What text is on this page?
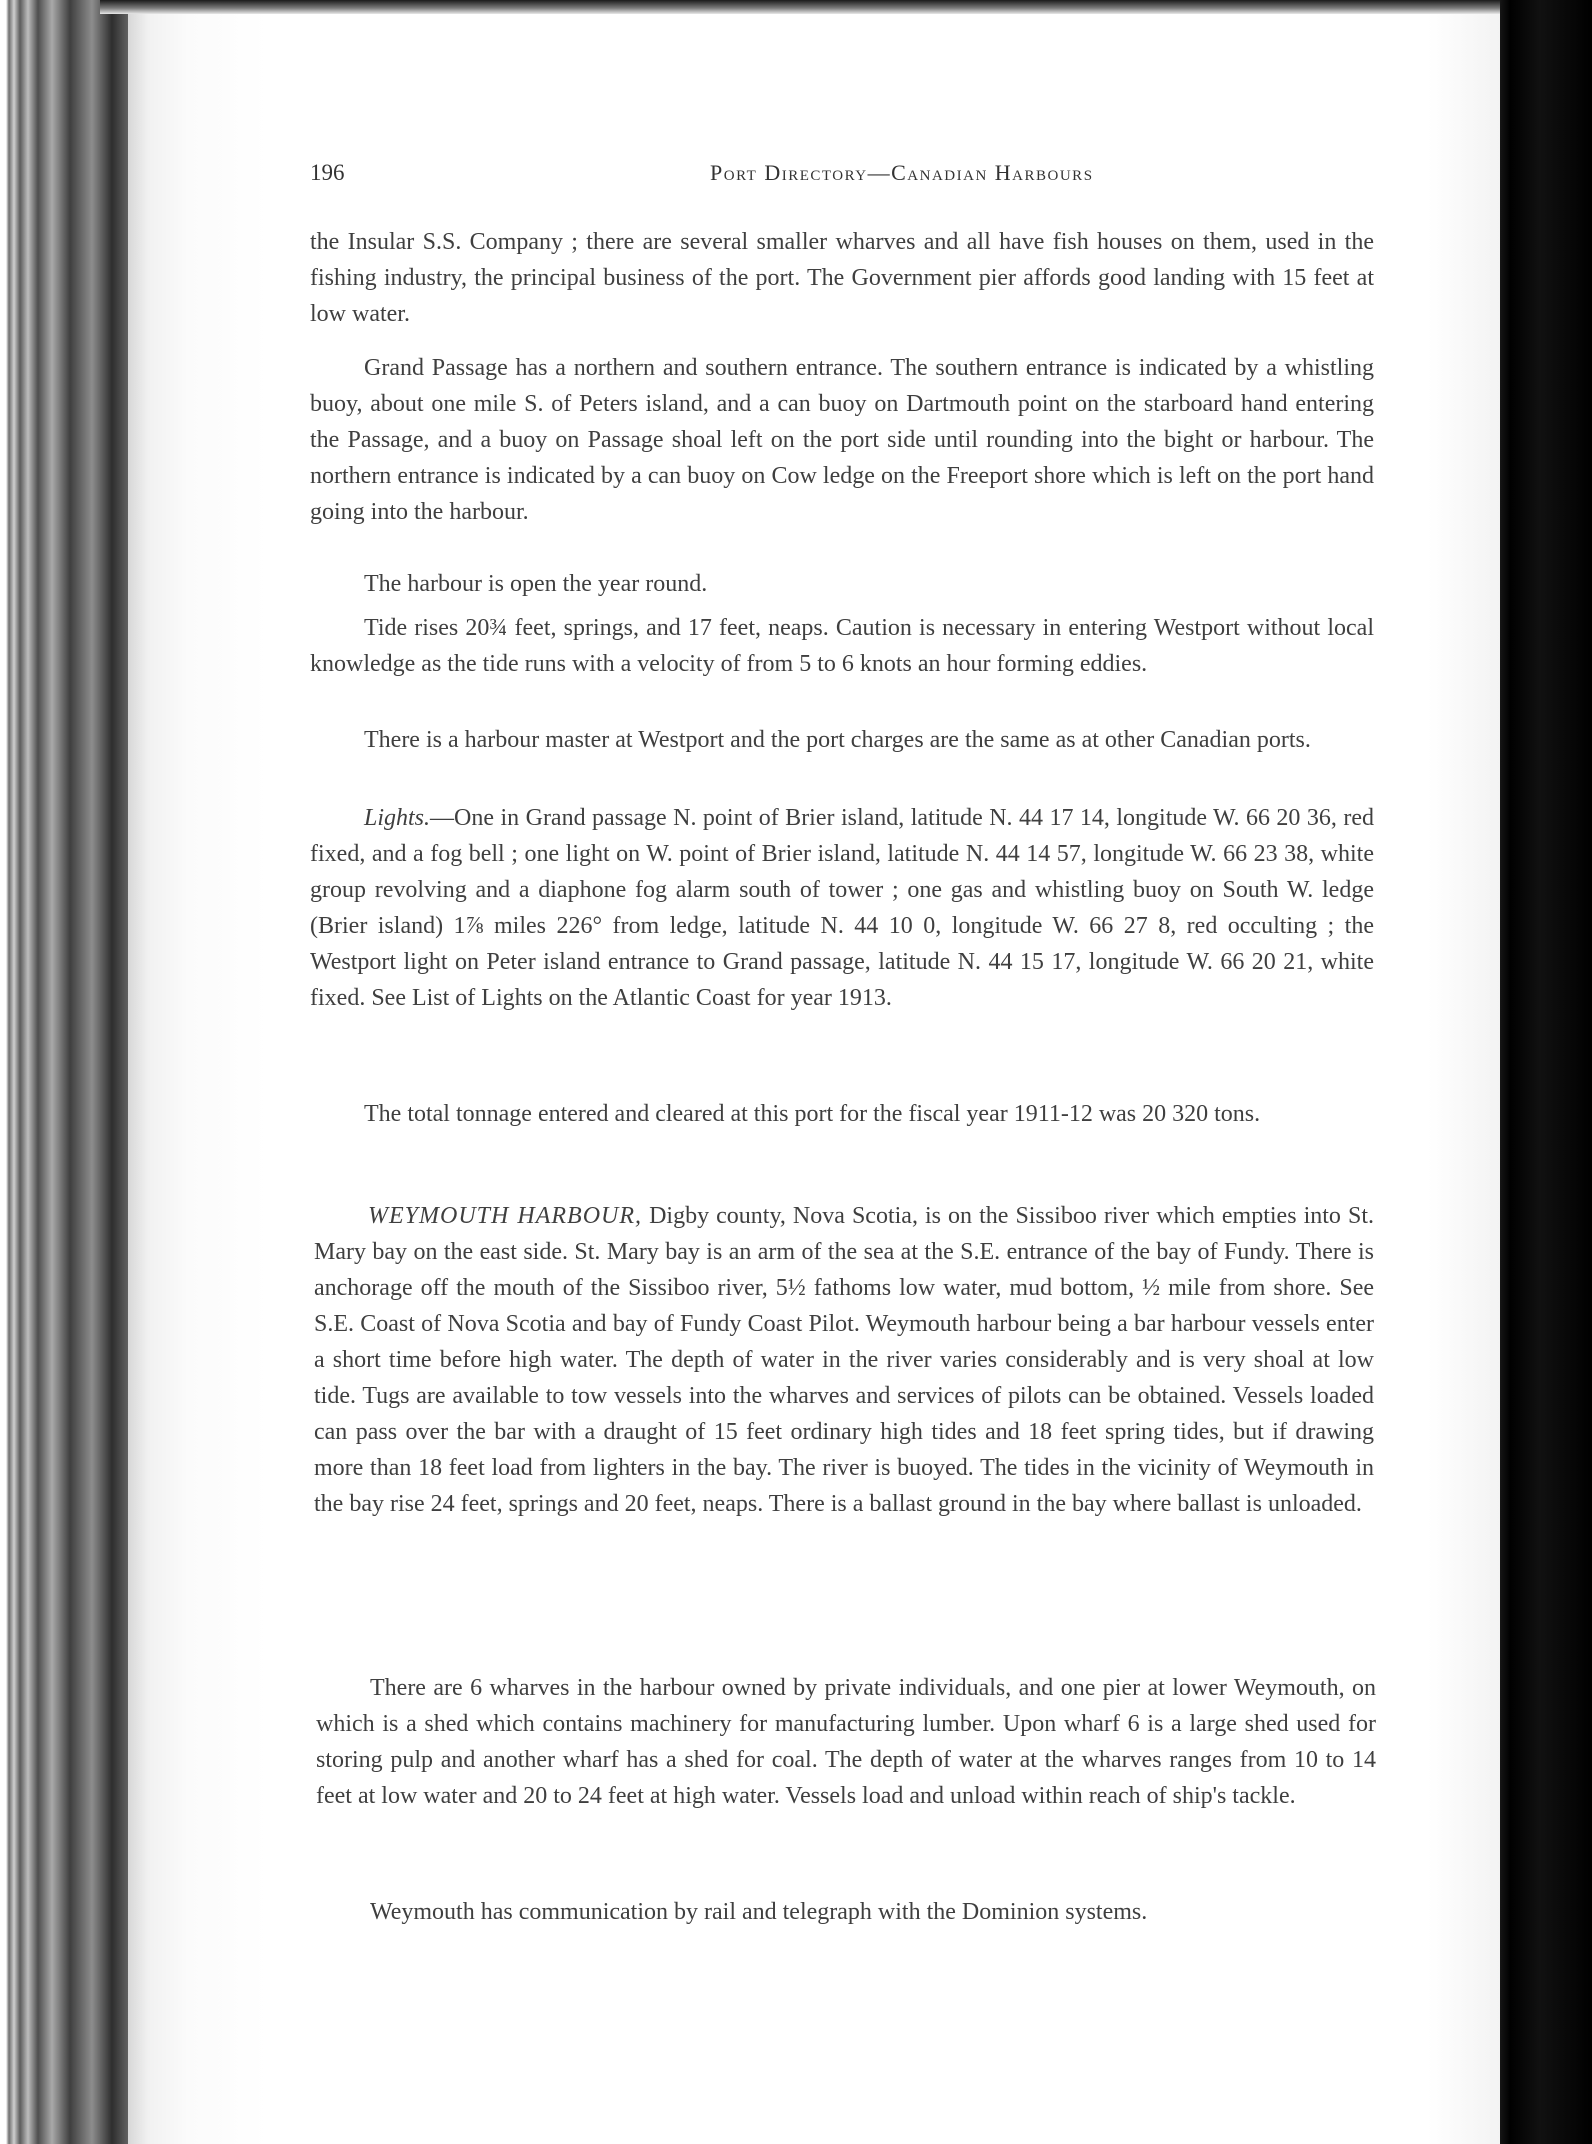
196	Port Directory—Canadian Harbours

the Insular S.S. Company ; there are several smaller wharves and all have fish houses on them, used in the fishing industry, the principal business of the port. The Government pier affords good landing with 15 feet at low water.

Grand Passage has a northern and southern entrance. The southern entrance is indicated by a whistling buoy, about one mile S. of Peters island, and a can buoy on Dartmouth point on the starboard hand entering the Passage, and a buoy on Passage shoal left on the port side until rounding into the bight or harbour. The northern entrance is indicated by a can buoy on Cow ledge on the Freeport shore which is left on the port hand going into the harbour.

The harbour is open the year round.

Tide rises 20¾ feet, springs, and 17 feet, neaps. Caution is necessary in entering Westport without local knowledge as the tide runs with a velocity of from 5 to 6 knots an hour forming eddies.

There is a harbour master at Westport and the port charges are the same as at other Canadian ports.

Lights.—One in Grand passage N. point of Brier island, latitude N. 44 17 14, longitude W. 66 20 36, red fixed, and a fog bell ; one light on W. point of Brier island, latitude N. 44 14 57, longitude W. 66 23 38, white group revolving and a diaphone fog alarm south of tower ; one gas and whistling buoy on South W. ledge (Brier island) 1⅞ miles 226° from ledge, latitude N. 44 10 0, longitude W. 66 27 8, red occulting ; the Westport light on Peter island entrance to Grand passage, latitude N. 44 15 17, longitude W. 66 20 21, white fixed. See List of Lights on the Atlantic Coast for year 1913.

The total tonnage entered and cleared at this port for the fiscal year 1911-12 was 20 320 tons.

WEYMOUTH HARBOUR, Digby county, Nova Scotia, is on the Sissiboo river which empties into St. Mary bay on the east side. St. Mary bay is an arm of the sea at the S.E. entrance of the bay of Fundy. There is anchorage off the mouth of the Sissiboo river, 5½ fathoms low water, mud bottom, ½ mile from shore. See S.E. Coast of Nova Scotia and bay of Fundy Coast Pilot. Weymouth harbour being a bar harbour vessels enter a short time before high water. The depth of water in the river varies considerably and is very shoal at low tide. Tugs are available to tow vessels into the wharves and services of pilots can be obtained. Vessels loaded can pass over the bar with a draught of 15 feet ordinary high tides and 18 feet spring tides, but if drawing more than 18 feet load from lighters in the bay. The river is buoyed. The tides in the vicinity of Weymouth in the bay rise 24 feet, springs and 20 feet, neaps. There is a ballast ground in the bay where ballast is unloaded.

There are 6 wharves in the harbour owned by private individuals, and one pier at lower Weymouth, on which is a shed which contains machinery for manufacturing lumber. Upon wharf 6 is a large shed used for storing pulp and another wharf has a shed for coal. The depth of water at the wharves ranges from 10 to 14 feet at low water and 20 to 24 feet at high water. Vessels load and unload within reach of ship's tackle.

Weymouth has communication by rail and telegraph with the Dominion systems.
